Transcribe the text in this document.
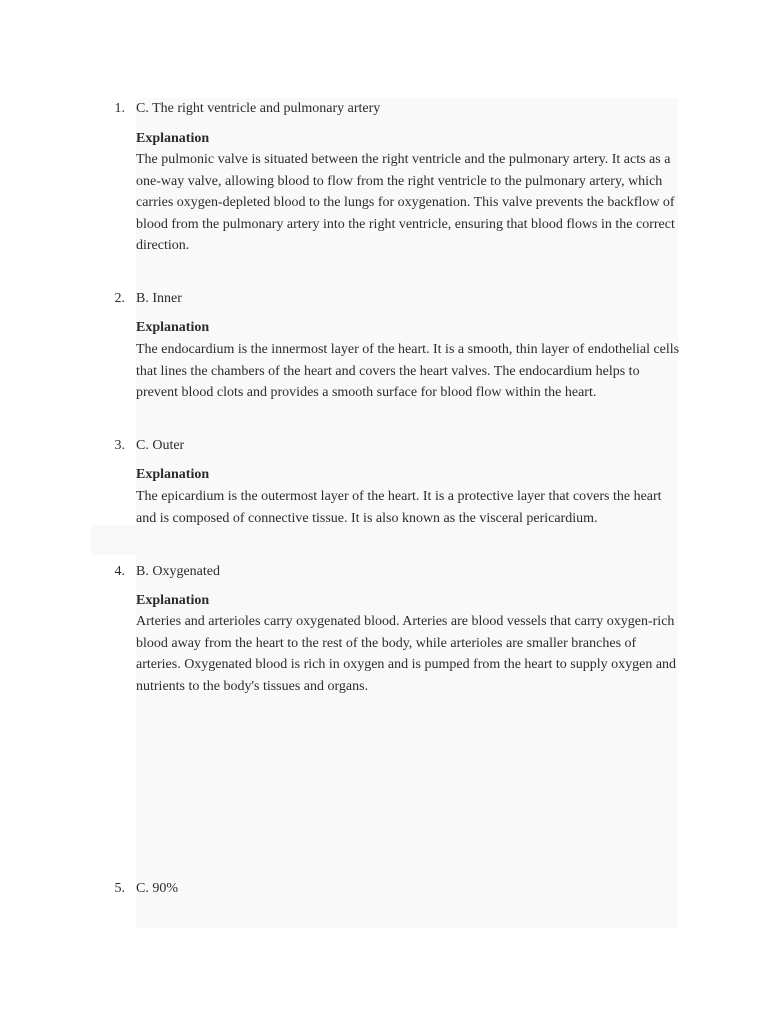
1. C. The right ventricle and pulmonary artery
Explanation

The pulmonic valve is situated between the right ventricle and the pulmonary artery. It acts as a one-way valve, allowing blood to flow from the right ventricle to the pulmonary artery, which carries oxygen-depleted blood to the lungs for oxygenation. This valve prevents the backflow of blood from the pulmonary artery into the right ventricle, ensuring that blood flows in the correct direction.

2. B. Inner
Explanation

The endocardium is the innermost layer of the heart. It is a smooth, thin layer of endothelial cells that lines the chambers of the heart and covers the heart valves. The endocardium helps to prevent blood clots and provides a smooth surface for blood flow within the heart.

3. C. Outer
Explanation

The epicardium is the outermost layer of the heart. It is a protective layer that covers the heart and is composed of connective tissue. It is also known as the visceral pericardium.

4. B. Oxygenated
Explanation

Arteries and arterioles carry oxygenated blood. Arteries are blood vessels that carry oxygen-rich blood away from the heart to the rest of the body, while arterioles are smaller branches of arteries. Oxygenated blood is rich in oxygen and is pumped from the heart to supply oxygen and nutrients to the body's tissues and organs.

5. C. 90%
